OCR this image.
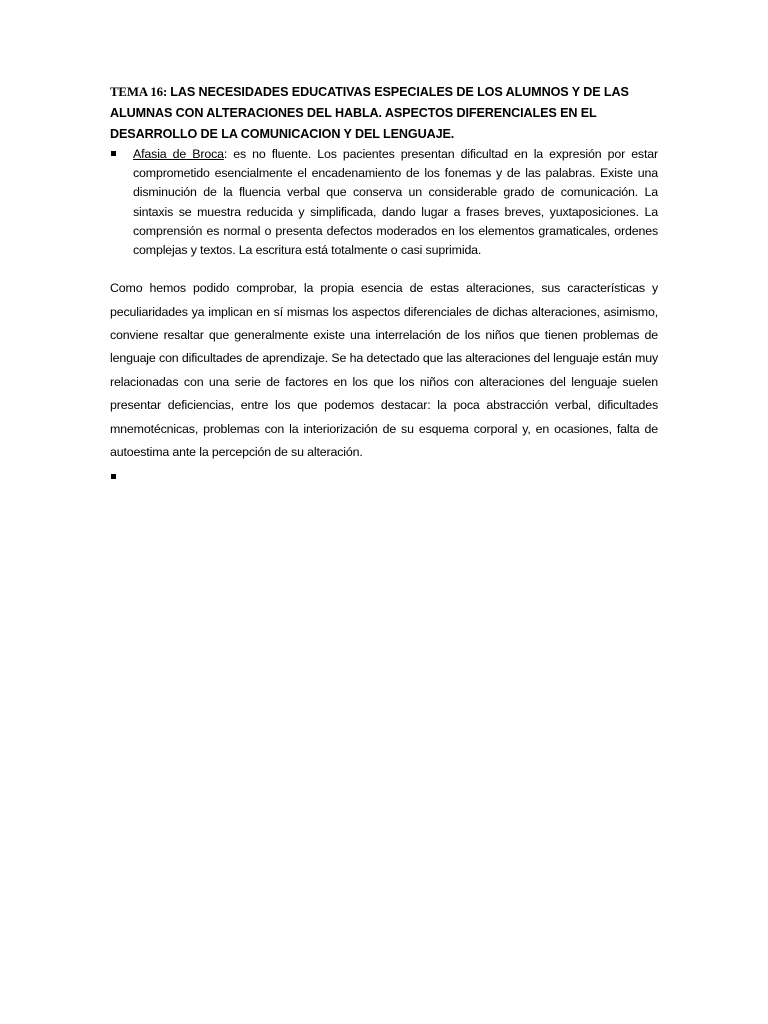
TEMA 16: LAS NECESIDADES EDUCATIVAS ESPECIALES DE LOS ALUMNOS Y DE LAS ALUMNAS CON ALTERACIONES DEL HABLA. ASPECTOS DIFERENCIALES EN EL DESARROLLO DE LA COMUNICACION Y DEL LENGUAJE.

Afasia de Broca: es no fluente. Los pacientes presentan dificultad en la expresión por estar comprometido esencialmente el encadenamiento de los fonemas y de las palabras. Existe una disminución de la fluencia verbal que conserva un considerable grado de comunicación. La sintaxis se muestra reducida y simplificada, dando lugar a frases breves, yuxtaposiciones. La comprensión es normal o presenta defectos moderados en los elementos gramaticales, ordenes complejas y textos. La escritura está totalmente o casi suprimida.
Como hemos podido comprobar, la propia esencia de estas alteraciones, sus características y peculiaridades ya implican en sí mismas los aspectos diferenciales de dichas alteraciones, asimismo, conviene resaltar que generalmente existe una interrelación de los niños que tienen problemas de lenguaje con dificultades de aprendizaje. Se ha detectado que las alteraciones del lenguaje están muy relacionadas con una serie de factores en los que los niños con alteraciones del lenguaje suelen presentar deficiencias, entre los que podemos destacar: la poca abstracción verbal, dificultades mnemotécnicas, problemas con la interiorización de su esquema corporal y, en ocasiones, falta de autoestima ante la percepción de su alteración.
